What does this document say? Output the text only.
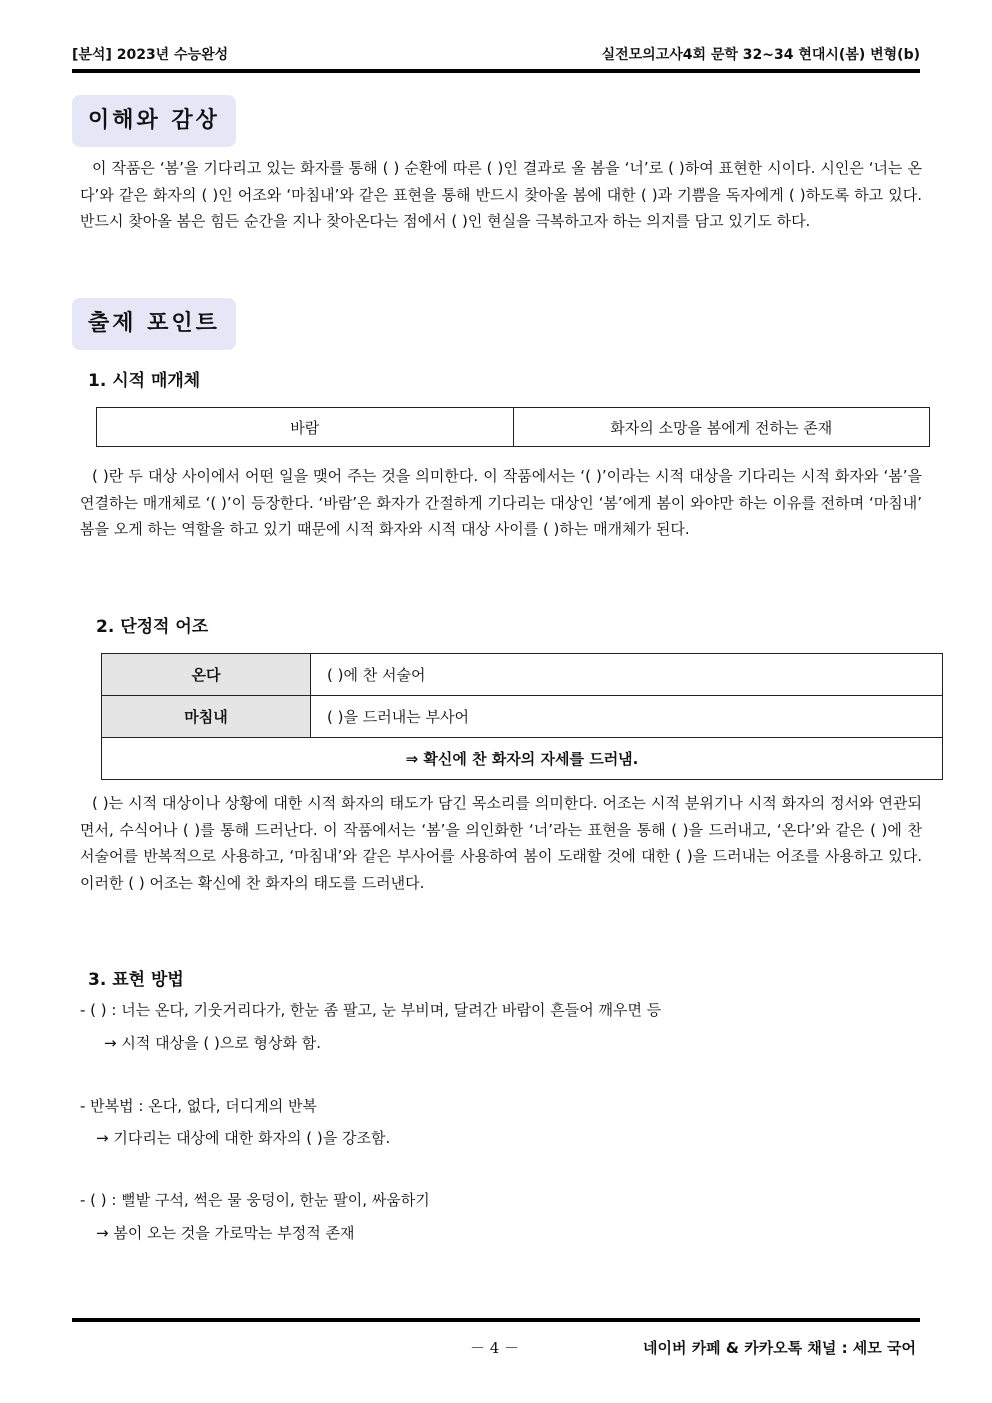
[분석] 2023년 수능완성	실전모의고사4회 문학 32~34 현대시(봄) 변형(b)
이해와 감상

이 작품은 ‘봄’을 기다리고 있는 화자를 통해 ( ) 순환에 따른 ( )인 결과로 올 봄을 ‘너’로 ( )하여 표현한 시이다. 시인은 ‘너는 온다’와 같은 화자의 ( )인 어조와 ‘마침내’와 같은 표현을 통해 반드시 찾아올 봄에 대한 ( )과 기쁨을 독자에게 ( )하도록 하고 있다. 반드시 찾아올 봄은 힘든 순간을 지나 찾아온다는 점에서 ( )인 현실을 극복하고자 하는 의지를 담고 있기도 하다.

출제 포인트
1. 시적 매개체
바람	화자의 소망을 봄에게 전하는 존재

( )란 두 대상 사이에서 어떤 일을 맺어 주는 것을 의미한다. 이 작품에서는 ‘( )’이라는 시적 대상을 기다리는 시적 화자와 ‘봄’을 연결하는 매개체로 ‘( )’이 등장한다. ‘바람’은 화자가 간절하게 기다리는 대상인 ‘봄’에게 봄이 와야만 하는 이유를 전하며 ‘마침내’ 봄을 오게 하는 역할을 하고 있기 때문에 시적 화자와 시적 대상 사이를 ( )하는 매개체가 된다.

2. 단정적 어조
온다	( )에 찬 서술어
마침내	( )을 드러내는 부사어
⇒ 확신에 찬 화자의 자세를 드러냄.	

( )는 시적 대상이나 상황에 대한 시적 화자의 태도가 담긴 목소리를 의미한다. 어조는 시적 분위기나 시적 화자의 정서와 연관되면서, 수식어나 ( )를 통해 드러난다. 이 작품에서는 ‘봄’을 의인화한 ‘너’라는 표현을 통해 ( )을 드러내고, ‘온다’와 같은 ( )에 찬 서술어를 반복적으로 사용하고, ‘마침내’와 같은 부사어를 사용하여 봄이 도래할 것에 대한 ( )을 드러내는 어조를 사용하고 있다. 이러한 ( ) 어조는 확신에 찬 화자의 태도를 드러낸다.

3. 표현 방법
- ( ) : 너는 온다, 기웃거리다가, 한눈 좀 팔고, 눈 부비며, 달려간 바람이 흔들어 깨우면 등
→ 시적 대상을 ( )으로 형상화 함.
- 반복법 : 온다, 없다, 더디게의 반복
→ 기다리는 대상에 대한 화자의 ( )을 강조함.
- ( ) : 뻘밭 구석, 썩은 물 웅덩이, 한눈 팔이, 싸움하기
→ 봄이 오는 것을 가로막는 부정적 존재
－ 4 －	네이버 카페 & 카카오톡 채널 : 세모 국어
